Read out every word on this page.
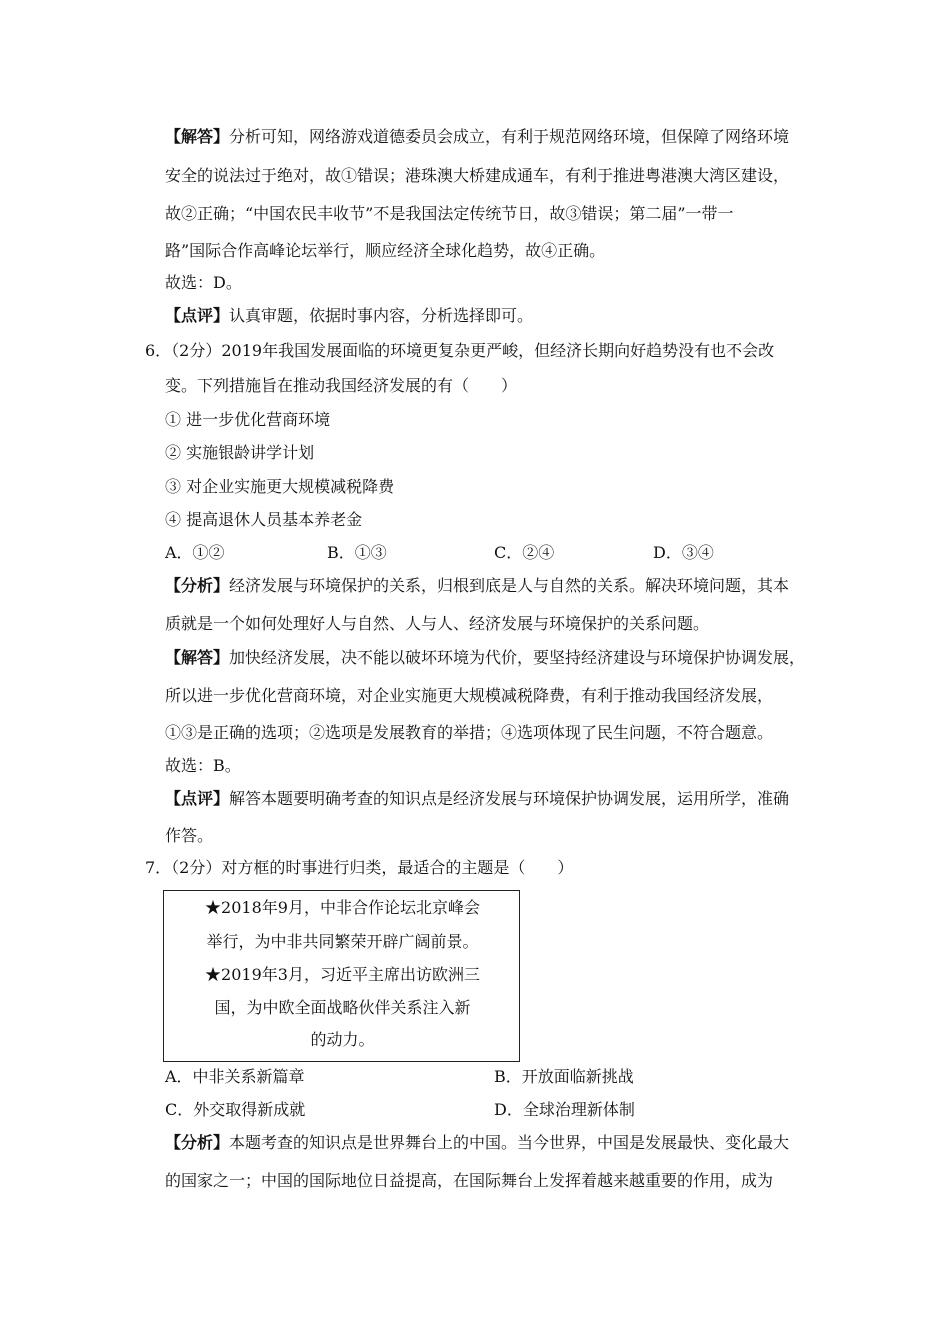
【解答】分析可知，网络游戏道德委员会成立，有利于规范网络环境，但保障了网络环境
安全的说法过于绝对，故①错误；港珠澳大桥建成通车，有利于推进粤港澳大湾区建设，
故②正确；“中国农民丰收节”不是我国法定传统节日，故③错误；第二届”一带一
路”国际合作高峰论坛举行，顺应经济全球化趋势，故④正确。
故选：D。
【点评】认真审题，依据时事内容，分析选择即可。
6．（2分）2019年我国发展面临的环境更复杂更严峻，但经济长期向好趋势没有也不会改
变。下列措施旨在推动我国经济发展的有（　　）
① 进一步优化营商环境
② 实施银龄讲学计划
③ 对企业实施更大规模减税降费
④ 提高退休人员基本养老金
A．①②	B．①③	C．②④	D．③④
【分析】经济发展与环境保护的关系，归根到底是人与自然的关系。解决环境问题，其本
质就是一个如何处理好人与自然、人与人、经济发展与环境保护的关系问题。
【解答】加快经济发展，决不能以破坏环境为代价，要坚持经济建设与环境保护协调发展，
所以进一步优化营商环境，对企业实施更大规模减税降费，有利于推动我国经济发展，
①③是正确的选项；②选项是发展教育的举措；④选项体现了民生问题，不符合题意。
故选：B。
【点评】解答本题要明确考查的知识点是经济发展与环境保护协调发展，运用所学，准确
作答。
7．（2分）对方框的时事进行归类，最适合的主题是（　　）
★2018年9月，中非合作论坛北京峰会
举行，为中非共同繁荣开辟广阔前景。
★2019年3月，习近平主席出访欧洲三
国，为中欧全面战略伙伴关系注入新
的动力。
A．中非关系新篇章	B．开放面临新挑战
C．外交取得新成就	D．全球治理新体制
【分析】本题考查的知识点是世界舞台上的中国。当今世界，中国是发展最快、变化最大
的国家之一；中国的国际地位日益提高，在国际舞台上发挥着越来越重要的作用，成为
